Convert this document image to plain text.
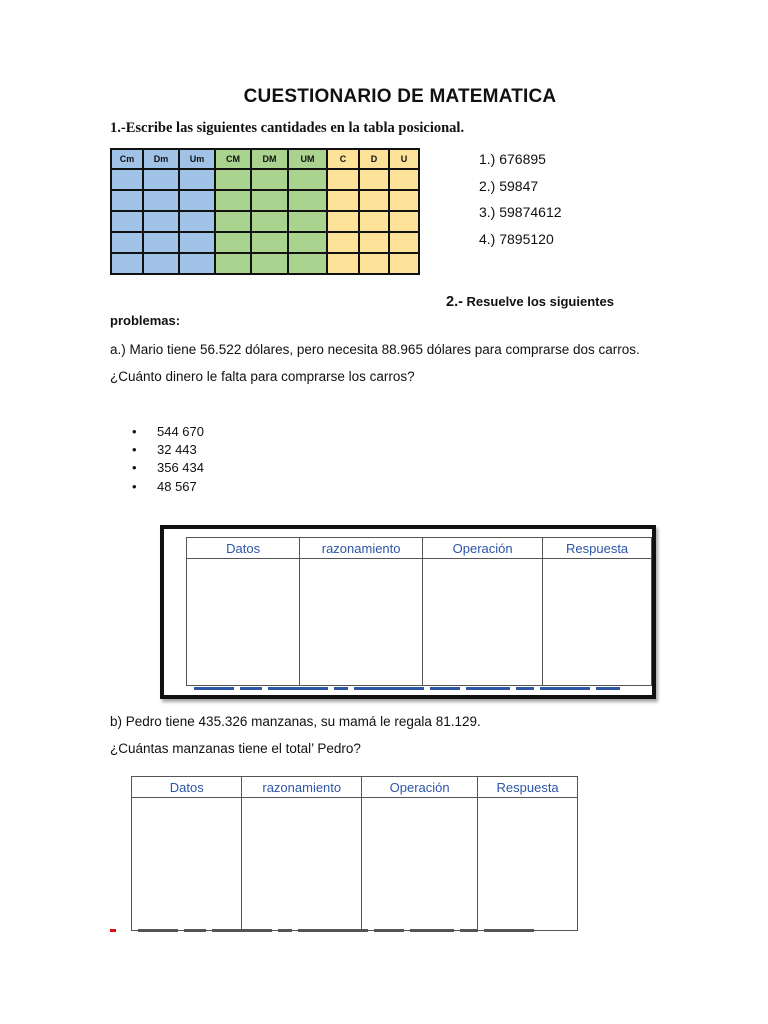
CUESTIONARIO DE MATEMATICA
1.-Escribe las siguientes cantidades en la tabla posicional.
Cm	Dm	Um	CM	DM	UM	C	D	U

									1.) 676895
2.) 59847
3.) 59874612
4.) 7895120
2.- Resuelve los siguientes
problemas:
a.) Mario tiene 56.522 dólares, pero necesita 88.965 dólares para comprarse dos carros.
¿Cuánto dinero le falta para comprarse los carros?
• 544 670
• 32 443
• 356 434
• 48 567
Datos	razonamiento	Operación	Respuesta

b) Pedro tiene 435.326 manzanas, su mamá le regala 81.129.
¿Cuántas manzanas tiene el total’ Pedro?
Datos	razonamiento	Operación	Respuesta
